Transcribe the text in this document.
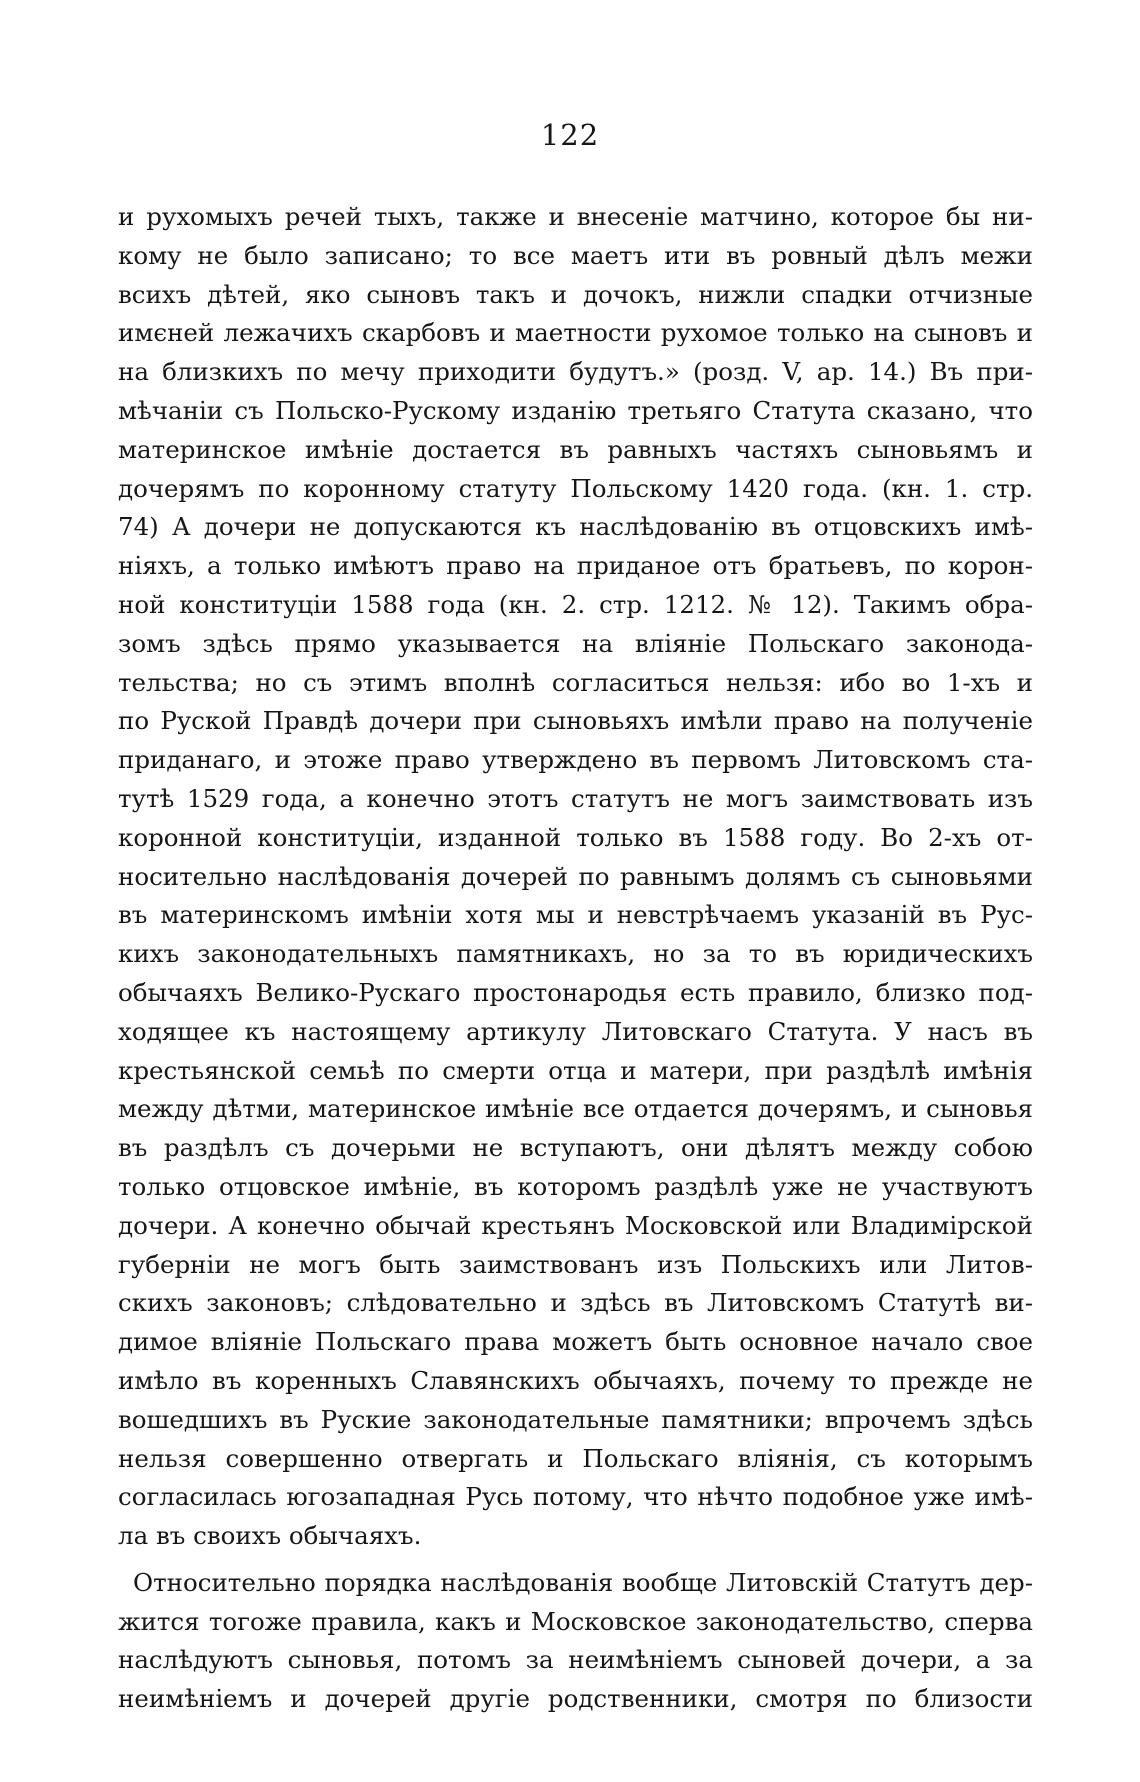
122
и рухомыхъ речей тыхъ, также и внесеніе матчино, которое бы ни-
кому не было записано; то все маетъ ити въ ровный дѣлъ межи
всихъ дѣтей, яко сыновъ такъ и дочокъ, нижли спадки отчизные
имєней лежачихъ скарбовъ и маетности рухомое только на сыновъ и
на близкихъ по мечу приходити будутъ.» (розд. V, ар. 14.) Въ при-
мѣчаніи съ Польско-Рускому изданію третьяго Статута сказано, что
материнское имѣніе достается въ равныхъ частяхъ сыновьямъ и
дочерямъ по коронному статуту Польскому 1420 года. (кн. 1. стр.
74) А дочери не допускаются къ наслѣдованію въ отцовскихъ имѣ-
ніяхъ, а только имѣютъ право на приданое отъ братьевъ, по корон-
ной конституціи 1588 года (кн. 2. стр. 1212. № 12). Такимъ обра-
зомъ здѣсь прямо указывается на вліяніе Польскаго законода-
тельства; но съ этимъ вполнѣ согласиться нельзя: ибо во 1-хъ и
по Руской Правдѣ дочери при сыновьяхъ имѣли право на полученіе
приданаго, и этоже право утверждено въ первомъ Литовскомъ ста-
тутѣ 1529 года, а конечно этотъ статутъ не могъ заимствовать изъ
коронной конституціи, изданной только въ 1588 году. Во 2-хъ от-
носительно наслѣдованія дочерей по равнымъ долямъ съ сыновьями
въ материнскомъ имѣніи хотя мы и невстрѣчаемъ указаній въ Рус-
кихъ законодательныхъ памятникахъ, но за то въ юридическихъ
обычаяхъ Велико-Рускаго простонародья есть правило, близко под-
ходящее къ настоящему артикулу Литовскаго Статута. У насъ въ
крестьянской семьѣ по смерти отца и матери, при раздѣлѣ имѣнія
между дѣтми, материнское имѣніе все отдается дочерямъ, и сыновья
въ раздѣлъ съ дочерьми не вступаютъ, они дѣлятъ между собою
только отцовское имѣніе, въ которомъ раздѣлѣ уже не участвуютъ
дочери. А конечно обычай крестьянъ Московской или Владимірской
губерніи не могъ быть заимствованъ изъ Польскихъ или Литов-
скихъ законовъ; слѣдовательно и здѣсь въ Литовскомъ Статутѣ ви-
димое вліяніе Польскаго права можетъ быть основное начало свое
имѣло въ коренныхъ Славянскихъ обычаяхъ, почему то прежде не
вошедшихъ въ Руские законодательные памятники; впрочемъ здѣсь
нельзя совершенно отвергать и Польскаго вліянія, съ которымъ
согласилась югозападная Русь потому, что нѣчто подобное уже имѣ-
ла въ своихъ обычаяхъ.
Относительно порядка наслѣдованія вообще Литовскій Статутъ дер-
жится тогоже правила, какъ и Московское законодательство, сперва
наслѣдуютъ сыновья, потомъ за неимѣніемъ сыновей дочери, а за
неимѣніемъ и дочерей другіе родственники, смотря по близости
